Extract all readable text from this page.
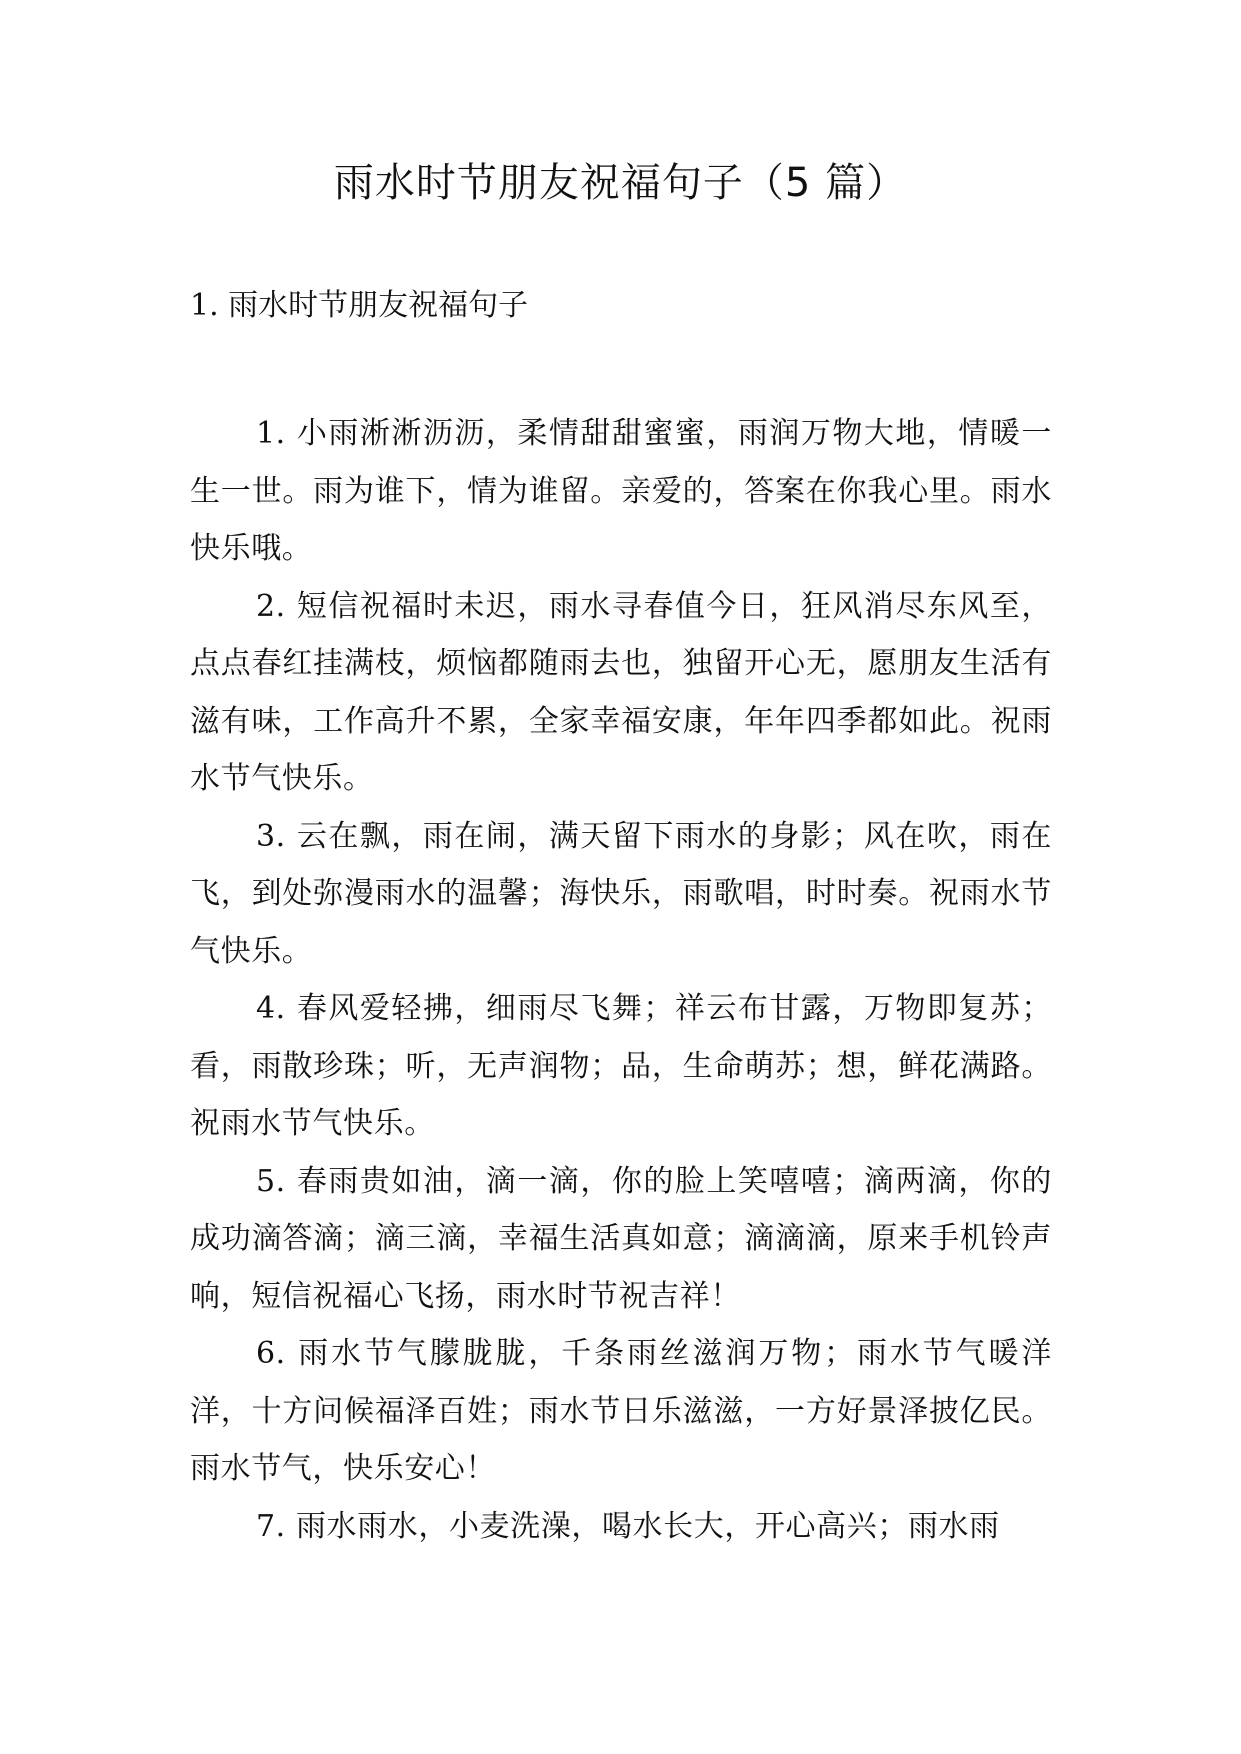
雨水时节朋友祝福句子（5 篇）
1. 雨水时节朋友祝福句子

1. 小雨淅淅沥沥，柔情甜甜蜜蜜，雨润万物大地，情暖一生一世。雨为谁下，情为谁留。亲爱的，答案在你我心里。雨水快乐哦。

2. 短信祝福时未迟，雨水寻春值今日，狂风消尽东风至，点点春红挂满枝，烦恼都随雨去也，独留开心无，愿朋友生活有滋有味，工作高升不累，全家幸福安康，年年四季都如此。祝雨水节气快乐。

3. 云在飘，雨在闹，满天留下雨水的身影；风在吹，雨在飞，到处弥漫雨水的温馨；海快乐，雨歌唱，时时奏。祝雨水节气快乐。

4. 春风爱轻拂，细雨尽飞舞；祥云布甘露，万物即复苏；看，雨散珍珠；听，无声润物；品，生命萌苏；想，鲜花满路。祝雨水节气快乐。

5. 春雨贵如油，滴一滴，你的脸上笑嘻嘻；滴两滴，你的成功滴答滴；滴三滴，幸福生活真如意；滴滴滴，原来手机铃声响，短信祝福心飞扬，雨水时节祝吉祥！

6. 雨水节气朦胧胧，千条雨丝滋润万物；雨水节气暖洋洋，十方问候福泽百姓；雨水节日乐滋滋，一方好景泽披亿民。雨水节气，快乐安心！

7. 雨水雨水，小麦洗澡，喝水长大，开心高兴；雨水雨
